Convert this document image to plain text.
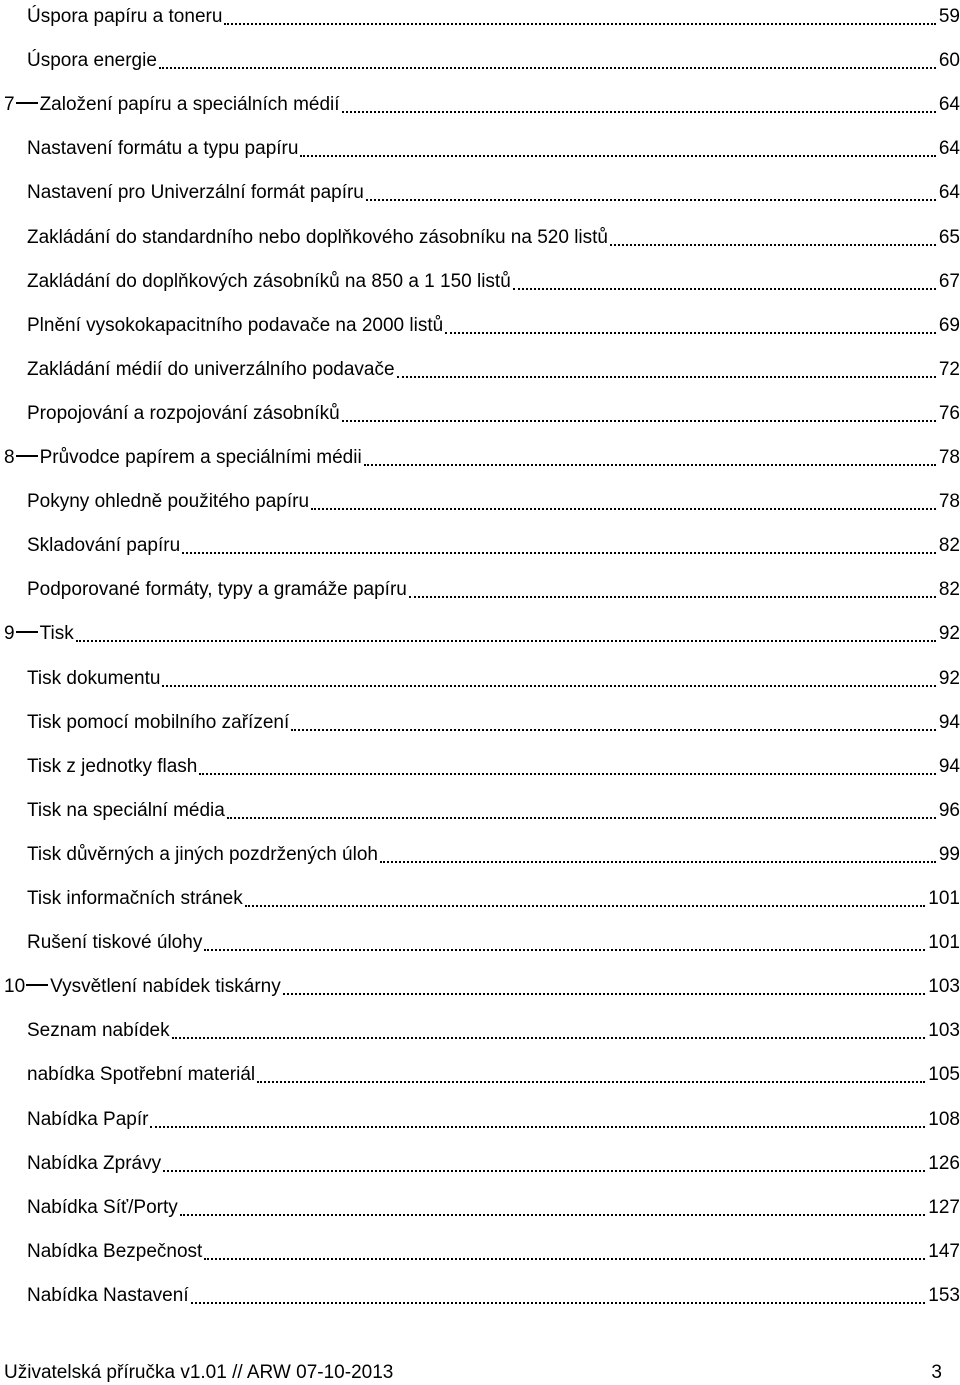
Úspora papíru a toneru	59
Úspora energie	60
7 Založení papíru a speciálních médií	64
Nastavení formátu a typu papíru	64
Nastavení pro Univerzální formát papíru	64
Zakládání do standardního nebo doplňkového zásobníku na 520 listů	65
Zakládání do doplňkových zásobníků na 850 a 1 150 listů	67
Plnění vysokokapacitního podavače na 2000 listů	69
Zakládání médií do univerzálního podavače	72
Propojování a rozpojování zásobníků	76
8 Průvodce papírem a speciálními médii	78
Pokyny ohledně použitého papíru	78
Skladování papíru	82
Podporované formáty, typy a gramáže papíru	82
9 Tisk	92
Tisk dokumentu	92
Tisk pomocí mobilního zařízení	94
Tisk z jednotky flash	94
Tisk na speciální média	96
Tisk důvěrných a jiných pozdržených úloh	99
Tisk informačních stránek	101
Rušení tiskové úlohy	101
10 Vysvětlení nabídek tiskárny	103
Seznam nabídek	103
nabídka Spotřební materiál	105
Nabídka Papír	108
Nabídka Zprávy	126
Nabídka Síť/Porty	127
Nabídka Bezpečnost	147
Nabídka Nastavení	153
Uživatelská příručka v1.01 // ARW 07-10-2013	3
